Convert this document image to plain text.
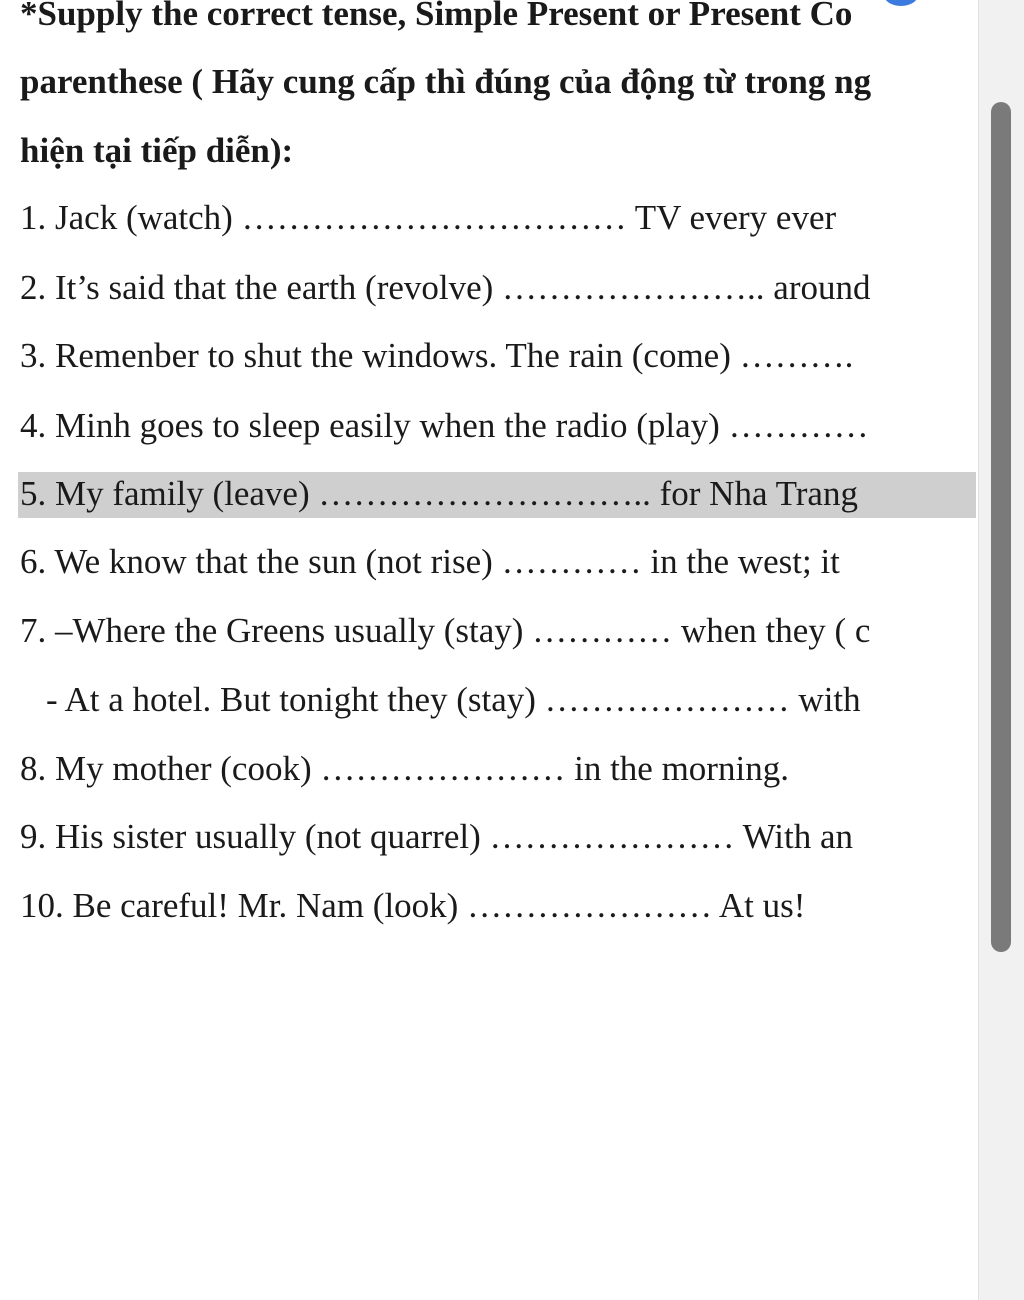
*Supply the correct tense, Simple Present or Present Co
parenthese ( Hãy cung cấp thì đúng của động từ trong ng
hiện tại tiếp diễn):
1. Jack (watch) …………………………… TV every ever
2. It’s said that the earth (revolve) ………………….. around
3. Remenber to shut the windows. The rain (come) ……….
4. Minh goes to sleep easily when the radio (play) …………
5. My family (leave) ……………………….. for Nha Trang
6. We know that the sun (not rise) ………… in the west; it
7. –Where the Greens usually (stay) ………… when they ( c
- At a hotel. But tonight they (stay) ………………… with
8. My mother (cook) ………………… in the morning.
9. His sister usually (not quarrel) ………………… With an
10. Be careful! Mr. Nam (look) ………………… At us!
